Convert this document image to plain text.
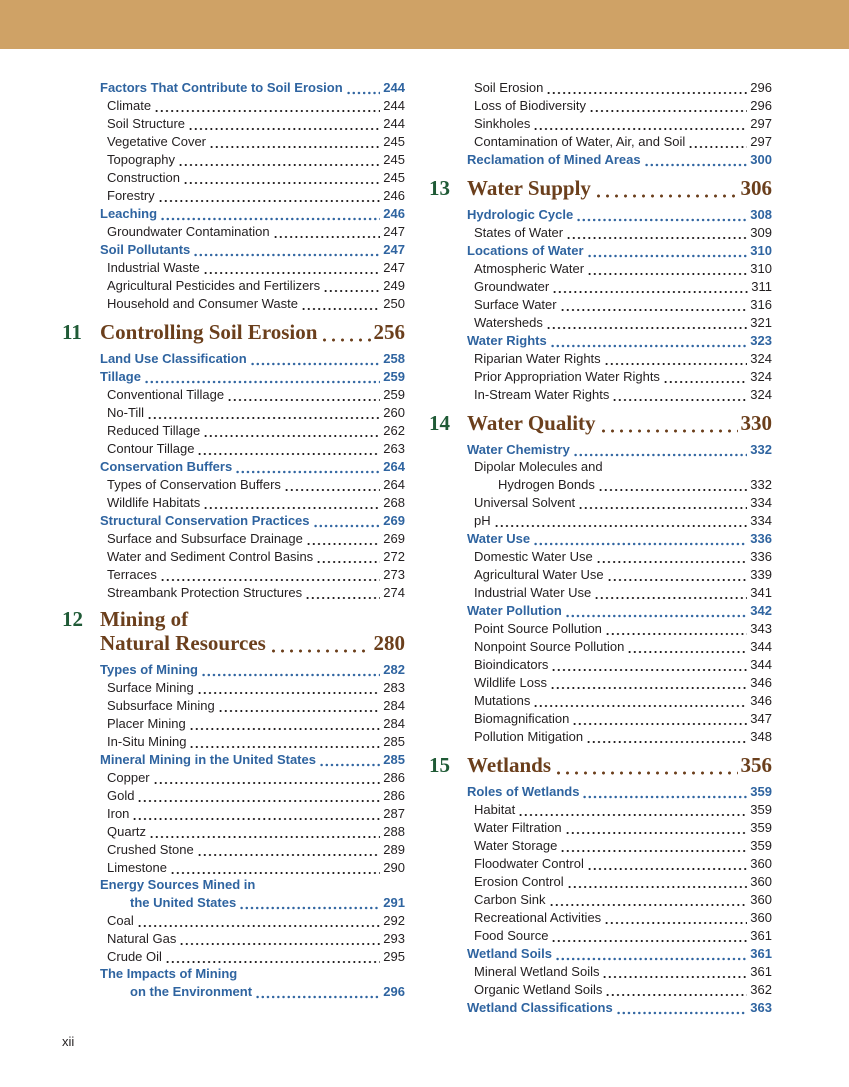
Factors That Contribute to Soil Erosion	244
Climate	244
Soil Structure	244
Vegetative Cover	245
Topography	245
Construction	245
Forestry	246
Leaching	246
Groundwater Contamination	247
Soil Pollutants	247
Industrial Waste	247
Agricultural Pesticides and Fertilizers	249
Household and Consumer Waste	250
11 Controlling Soil Erosion	256
Land Use Classification	258
Tillage	259
Conventional Tillage	259
No-Till	260
Reduced Tillage	262
Contour Tillage	263
Conservation Buffers	264
Types of Conservation Buffers	264
Wildlife Habitats	268
Structural Conservation Practices	269
Surface and Subsurface Drainage	269
Water and Sediment Control Basins	272
Terraces	273
Streambank Protection Structures	274
12 Mining of
Natural Resources	280
Types of Mining	282
Surface Mining	283
Subsurface Mining	284
Placer Mining	284
In-Situ Mining	285
Mineral Mining in the United States	285
Copper	286
Gold	286
Iron	287
Quartz	288
Crushed Stone	289
Limestone	290
Energy Sources Mined in
the United States	291
Coal	292
Natural Gas	293
Crude Oil	295
The Impacts of Mining
on the Environment	296
Soil Erosion	296
Loss of Biodiversity	296
Sinkholes	297
Contamination of Water, Air, and Soil	297
Reclamation of Mined Areas	300
13 Water Supply	306
Hydrologic Cycle	308
States of Water	309
Locations of Water	310
Atmospheric Water	310
Groundwater	311
Surface Water	316
Watersheds	321
Water Rights	323
Riparian Water Rights	324
Prior Appropriation Water Rights	324
In-Stream Water Rights	324
14 Water Quality	330
Water Chemistry	332
Dipolar Molecules and
Hydrogen Bonds	332
Universal Solvent	334
pH	334
Water Use	336
Domestic Water Use	336
Agricultural Water Use	339
Industrial Water Use	341
Water Pollution	342
Point Source Pollution	343
Nonpoint Source Pollution	344
Bioindicators	344
Wildlife Loss	346
Mutations	346
Biomagnification	347
Pollution Mitigation	348
15 Wetlands	356
Roles of Wetlands	359
Habitat	359
Water Filtration	359
Water Storage	359
Floodwater Control	360
Erosion Control	360
Carbon Sink	360
Recreational Activities	360
Food Source	361
Wetland Soils	361
Mineral Wetland Soils	361
Organic Wetland Soils	362
Wetland Classifications	363
xii
